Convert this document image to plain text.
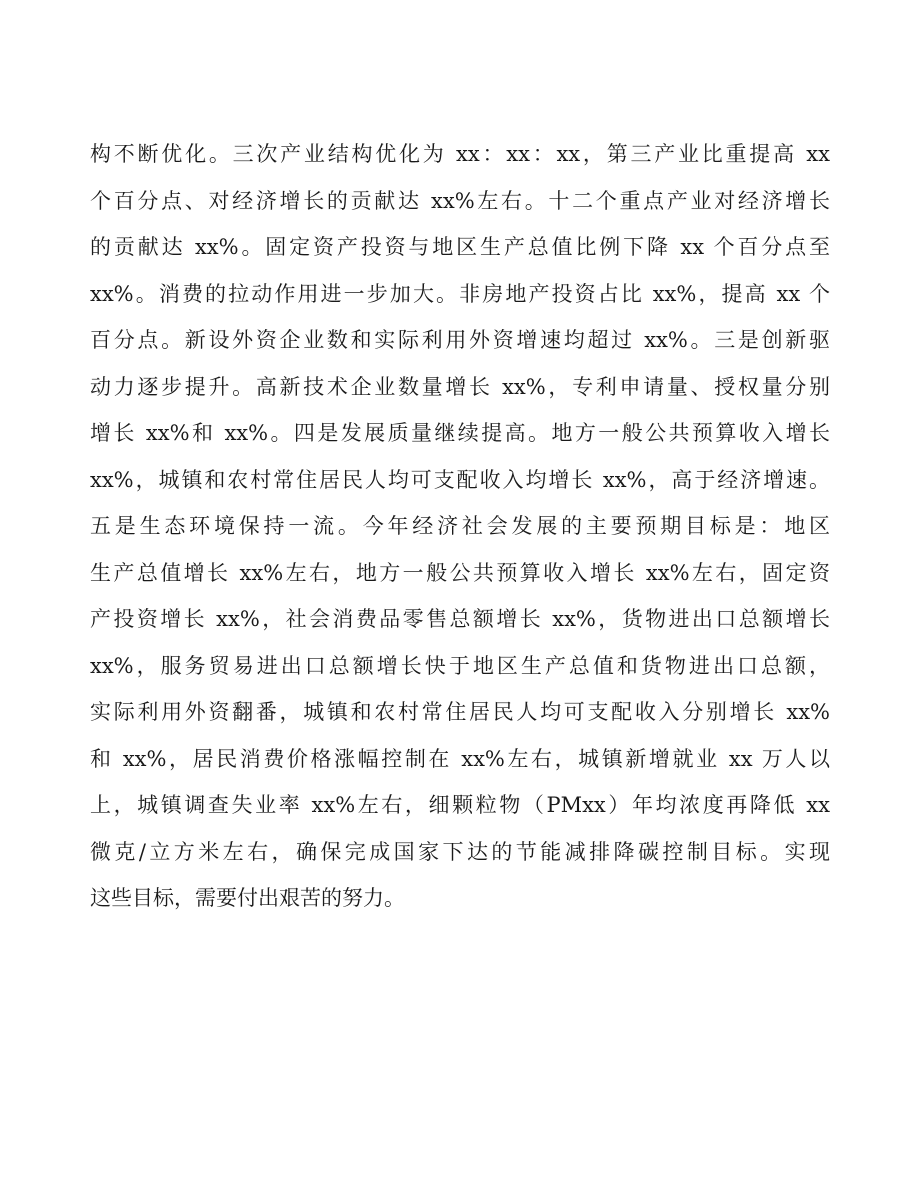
构不断优化。三次产业结构优化为 xx：xx：xx，第三产业比重提高 xx
个百分点、对经济增长的贡献达 xx%左右。十二个重点产业对经济增长
的贡献达 xx%。固定资产投资与地区生产总值比例下降 xx 个百分点至
xx%。消费的拉动作用进一步加大。非房地产投资占比 xx%，提高 xx 个
百分点。新设外资企业数和实际利用外资增速均超过 xx%。三是创新驱
动力逐步提升。高新技术企业数量增长 xx%，专利申请量、授权量分别
增长 xx%和 xx%。四是发展质量继续提高。地方一般公共预算收入增长
xx%，城镇和农村常住居民人均可支配收入均增长 xx%，高于经济增速。
五是生态环境保持一流。今年经济社会发展的主要预期目标是：地区
生产总值增长 xx%左右，地方一般公共预算收入增长 xx%左右，固定资
产投资增长 xx%，社会消费品零售总额增长 xx%，货物进出口总额增长
xx%，服务贸易进出口总额增长快于地区生产总值和货物进出口总额，
实际利用外资翻番，城镇和农村常住居民人均可支配收入分别增长 xx%
和 xx%，居民消费价格涨幅控制在 xx%左右，城镇新增就业 xx 万人以
上，城镇调查失业率 xx%左右，细颗粒物（PMxx）年均浓度再降低 xx
微克/立方米左右，确保完成国家下达的节能减排降碳控制目标。实现
这些目标，需要付出艰苦的努力。
